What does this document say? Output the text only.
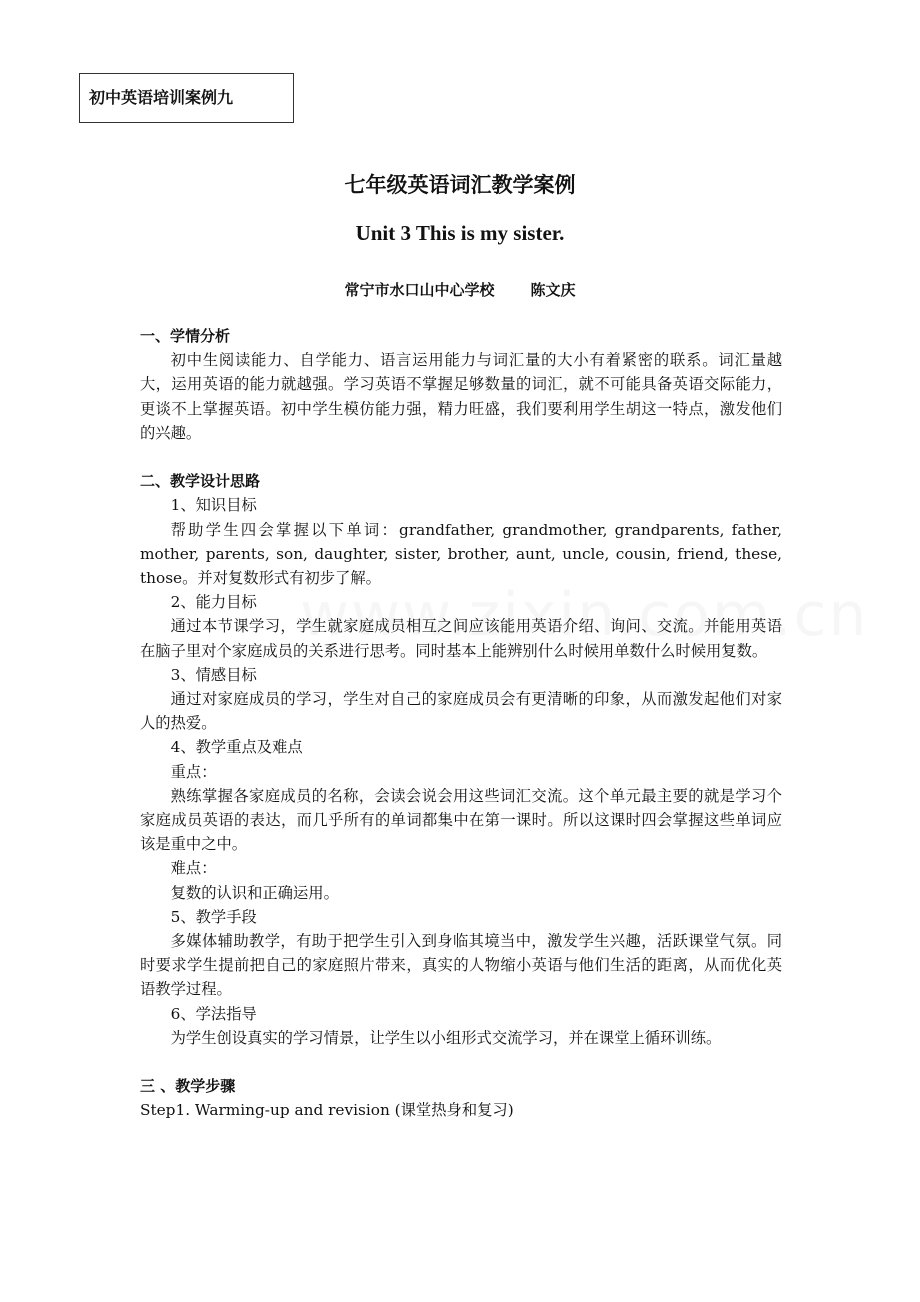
初中英语培训案例九
七年级英语词汇教学案例
Unit 3 This is my sister.
常宁市水口山中心学校 陈文庆
一、学情分析

初中生阅读能力、自学能力、语言运用能力与词汇量的大小有着紧密的联系。词汇量越大，运用英语的能力就越强。学习英语不掌握足够数量的词汇，就不可能具备英语交际能力，更谈不上掌握英语。初中学生模仿能力强，精力旺盛，我们要利用学生胡这一特点，激发他们的兴趣。

二、教学设计思路

1、知识目标

帮助学生四会掌握以下单词：grandfather, grandmother, grandparents, father, mother, parents, son, daughter, sister, brother, aunt, uncle, cousin, friend, these, those。并对复数形式有初步了解。

2、能力目标

通过本节课学习，学生就家庭成员相互之间应该能用英语介绍、询问、交流。并能用英语在脑子里对个家庭成员的关系进行思考。同时基本上能辨别什么时候用单数什么时候用复数。

3、情感目标

通过对家庭成员的学习，学生对自己的家庭成员会有更清晰的印象，从而激发起他们对家人的热爱。

4、教学重点及难点

重点：

熟练掌握各家庭成员的名称，会读会说会用这些词汇交流。这个单元最主要的就是学习个家庭成员英语的表达，而几乎所有的单词都集中在第一课时。所以这课时四会掌握这些单词应该是重中之中。

难点：

复数的认识和正确运用。

5、教学手段

多媒体辅助教学，有助于把学生引入到身临其境当中，激发学生兴趣，活跃课堂气氛。同时要求学生提前把自己的家庭照片带来，真实的人物缩小英语与他们生活的距离，从而优化英语教学过程。

6、学法指导

为学生创设真实的学习情景，让学生以小组形式交流学习，并在课堂上循环训练。

三 、教学步骤

Step1. Warming-up and revision (课堂热身和复习)
